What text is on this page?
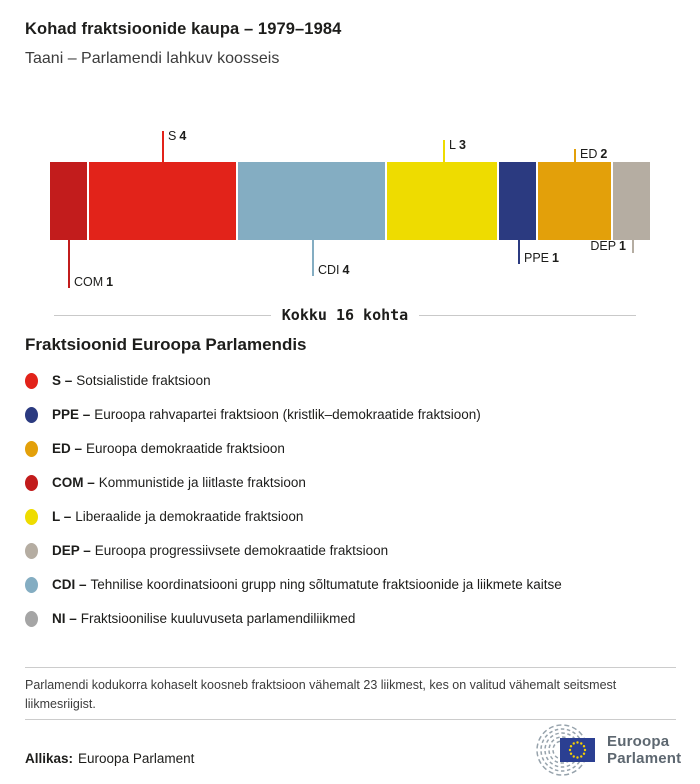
Kohad fraktsioonide kaupa – 1979–1984
Taani – Parlamendi lahkuv koosseis
S 4
L 3
ED 2
COM 1
CDI 4
PPE 1
DEP 1
Kokku 16 kohta
Fraktsioonid Euroopa Parlamendis
S – Sotsialistide fraktsioon
PPE – Euroopa rahvapartei fraktsioon (kristlik–demokraatide fraktsioon)
ED – Euroopa demokraatide fraktsioon
COM – Kommunistide ja liitlaste fraktsioon
L – Liberaalide ja demokraatide fraktsioon
DEP – Euroopa progressiivsete demokraatide fraktsioon
CDI – Tehnilise koordinatsiooni grupp ning sõltumatute fraktsioonide ja liikmete kaitse
NI – Fraktsioonilise kuuluvuseta parlamendiliikmed

Parlamendi kodukorra kohaselt koosneb fraktsioon vähemalt 23 liikmest, kes on valitud vähemalt seitsmest liikmesriigist.

Allikas: Euroopa Parlament
Euroopa
Parlament
